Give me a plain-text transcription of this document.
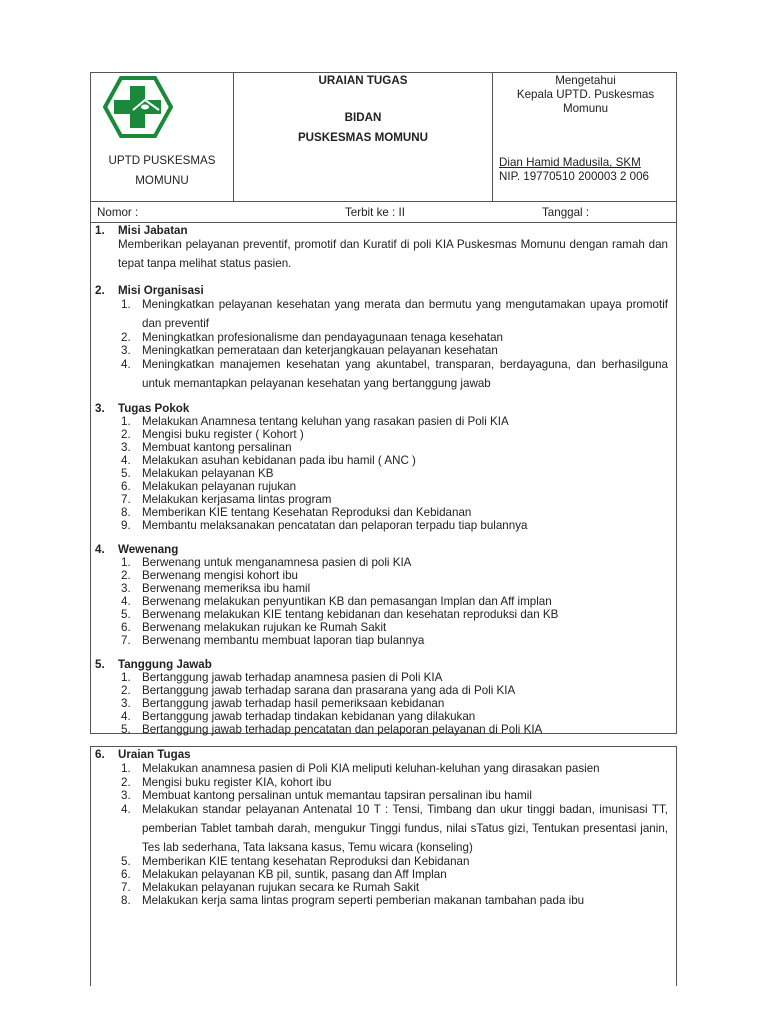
UPTD PUSKESMAS
MOMUNU
URAIAN TUGAS
BIDAN
PUSKESMAS MOMUNU
Mengetahui
Kepala UPTD. Puskesmas
Momunu
Dian Hamid Madusila, SKM
NIP. 19770510 200003 2 006
Nomor :	Terbit ke : II	Tanggal :
1.	Misi Jabatan
Memberikan pelayanan preventif, promotif dan Kuratif di poli KIA Puskesmas Momunu dengan ramah dan tepat tanpa melihat status pasien.
2.	Misi Organisasi
1. Meningkatkan pelayanan kesehatan yang merata dan bermutu yang mengutamakan upaya promotif dan preventif
2. Meningkatkan profesionalisme dan pendayagunaan tenaga kesehatan
3. Meningkatkan pemerataan dan keterjangkauan pelayanan kesehatan
4. Meningkatkan manajemen kesehatan yang akuntabel, transparan, berdayaguna, dan berhasilguna untuk memantapkan pelayanan kesehatan yang bertanggung jawab
3.	Tugas Pokok
1. Melakukan Anamnesa tentang keluhan yang rasakan pasien di Poli KIA
2. Mengisi buku register ( Kohort )
3. Membuat kantong persalinan
4. Melakukan asuhan kebidanan pada ibu hamil ( ANC )
5. Melakukan pelayanan KB
6. Melakukan pelayanan rujukan
7. Melakukan kerjasama lintas program
8. Memberikan KIE tentang Kesehatan Reproduksi dan Kebidanan
9. Membantu melaksanakan pencatatan dan pelaporan terpadu tiap bulannya
4.	Wewenang
1. Berwenang untuk menganamnesa pasien di poli KIA
2. Berwenang mengisi kohort ibu
3. Berwenang memeriksa ibu hamil
4. Berwenang melakukan penyuntikan KB dan pemasangan Implan dan Aff implan
5. Berwenang melakukan KIE tentang kebidanan dan kesehatan reproduksi dan KB
6. Berwenang melakukan rujukan ke Rumah Sakit
7. Berwenang membantu membuat laporan tiap bulannya
5.	Tanggung Jawab
1. Bertanggung jawab terhadap anamnesa pasien di Poli KIA
2. Bertanggung jawab terhadap sarana dan prasarana yang ada di Poli KIA
3. Bertanggung jawab terhadap hasil pemeriksaan kebidanan
4. Bertanggung jawab terhadap tindakan kebidanan yang dilakukan
5. Bertanggung jawab terhadap pencatatan dan pelaporan pelayanan di Poli KIA
6.	Uraian Tugas
1. Melakukan anamnesa pasien di Poli KIA meliputi keluhan-keluhan yang dirasakan pasien
2. Mengisi buku register KIA, kohort ibu
3. Membuat kantong persalinan untuk memantau tapsiran persalinan ibu hamil
4. Melakukan standar pelayanan Antenatal 10 T : Tensi, Timbang dan ukur tinggi badan, imunisasi TT, pemberian Tablet tambah darah, mengukur Tinggi fundus, nilai sTatus gizi, Tentukan presentasi janin, Tes lab sederhana, Tata laksana kasus, Temu wicara (konseling)
5. Memberikan KIE tentang kesehatan Reproduksi dan Kebidanan
6. Melakukan pelayanan KB pil, suntik, pasang dan Aff Implan
7. Melakukan pelayanan rujukan secara ke Rumah Sakit
8. Melakukan kerja sama lintas program seperti pemberian makanan tambahan pada ibu
